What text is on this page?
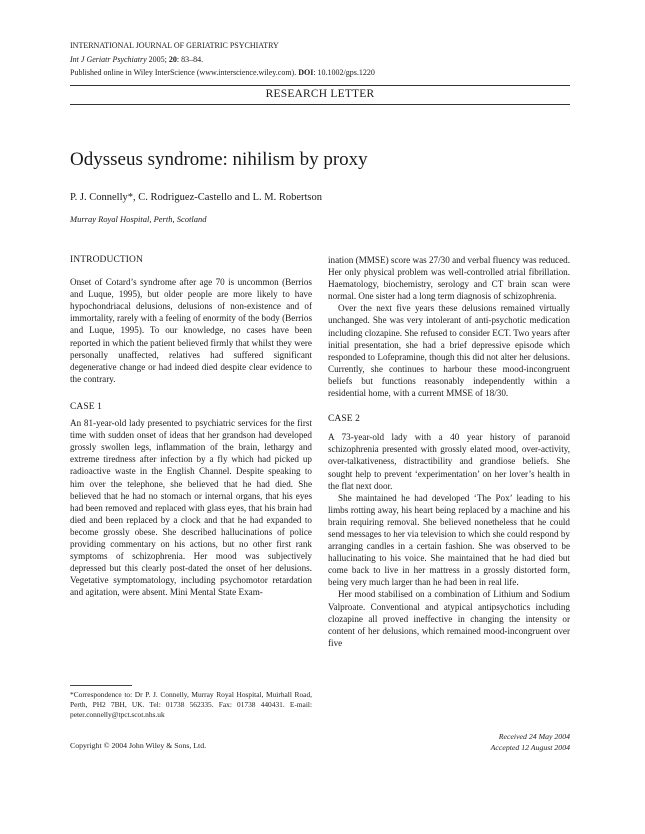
INTERNATIONAL JOURNAL OF GERIATRIC PSYCHIATRY
Int J Geriatr Psychiatry 2005; 20: 83–84.
Published online in Wiley InterScience (www.interscience.wiley.com). DOI: 10.1002/gps.1220
RESEARCH LETTER
Odysseus syndrome: nihilism by proxy
P. J. Connelly*, C. Rodriguez-Castello and L. M. Robertson
Murray Royal Hospital, Perth, Scotland

INTRODUCTION

Onset of Cotard’s syndrome after age 70 is uncommon (Berrios and Luque, 1995), but older people are more likely to have hypochondriacal delusions, delusions of non-existence and of immortality, rarely with a feeling of enormity of the body (Berrios and Luque, 1995). To our knowledge, no cases have been reported in which the patient believed firmly that whilst they were personally unaffected, relatives had suffered significant degenerative change or had indeed died despite clear evidence to the contrary.

CASE 1

An 81-year-old lady presented to psychiatric services for the first time with sudden onset of ideas that her grandson had developed grossly swollen legs, inflammation of the brain, lethargy and extreme tiredness after infection by a fly which had picked up radioactive waste in the English Channel. Despite speaking to him over the telephone, she believed that he had died. She believed that he had no stomach or internal organs, that his eyes had been removed and replaced with glass eyes, that his brain had died and been replaced by a clock and that he had expanded to become grossly obese. She described hallucinations of police providing commentary on his actions, but no other first rank symptoms of schizophrenia. Her mood was subjectively depressed but this clearly post-dated the onset of her delusions. Vegetative symptomatology, including psychomotor retardation and agitation, were absent. Mini Mental State Exam-

ination (MMSE) score was 27/30 and verbal fluency was reduced. Her only physical problem was well-controlled atrial fibrillation. Haematology, biochemistry, serology and CT brain scan were normal. One sister had a long term diagnosis of schizophrenia.

Over the next five years these delusions remained virtually unchanged. She was very intolerant of anti-psychotic medication including clozapine. She refused to consider ECT. Two years after initial presentation, she had a brief depressive episode which responded to Lofepramine, though this did not alter her delusions. Currently, she continues to harbour these mood-incongruent beliefs but functions reasonably independently within a residential home, with a current MMSE of 18/30.

CASE 2

A 73-year-old lady with a 40 year history of paranoid schizophrenia presented with grossly elated mood, over-activity, over-talkativeness, distractibility and grandiose beliefs. She sought help to prevent ‘experimentation’ on her lover’s health in the flat next door.

She maintained he had developed ‘The Pox’ leading to his limbs rotting away, his heart being replaced by a machine and his brain requiring removal. She believed nonetheless that he could send messages to her via television to which she could respond by arranging candles in a certain fashion. She was observed to be hallucinating to his voice. She maintained that he had died but come back to live in her mattress in a grossly distorted form, being very much larger than he had been in real life.

Her mood stabilised on a combination of Lithium and Sodium Valproate. Conventional and atypical antipsychotics including clozapine all proved ineffective in changing the intensity or content of her delusions, which remained mood-incongruent over five

*Correspondence to: Dr P. J. Connelly, Murray Royal Hospital, Muirhall Road, Perth, PH2 7BH, UK. Tel: 01738 562335. Fax: 01738 440431. E-mail: peter.connelly@tpct.scot.nhs.uk
Copyright © 2004 John Wiley & Sons, Ltd.
Received 24 May 2004
Accepted 12 August 2004
